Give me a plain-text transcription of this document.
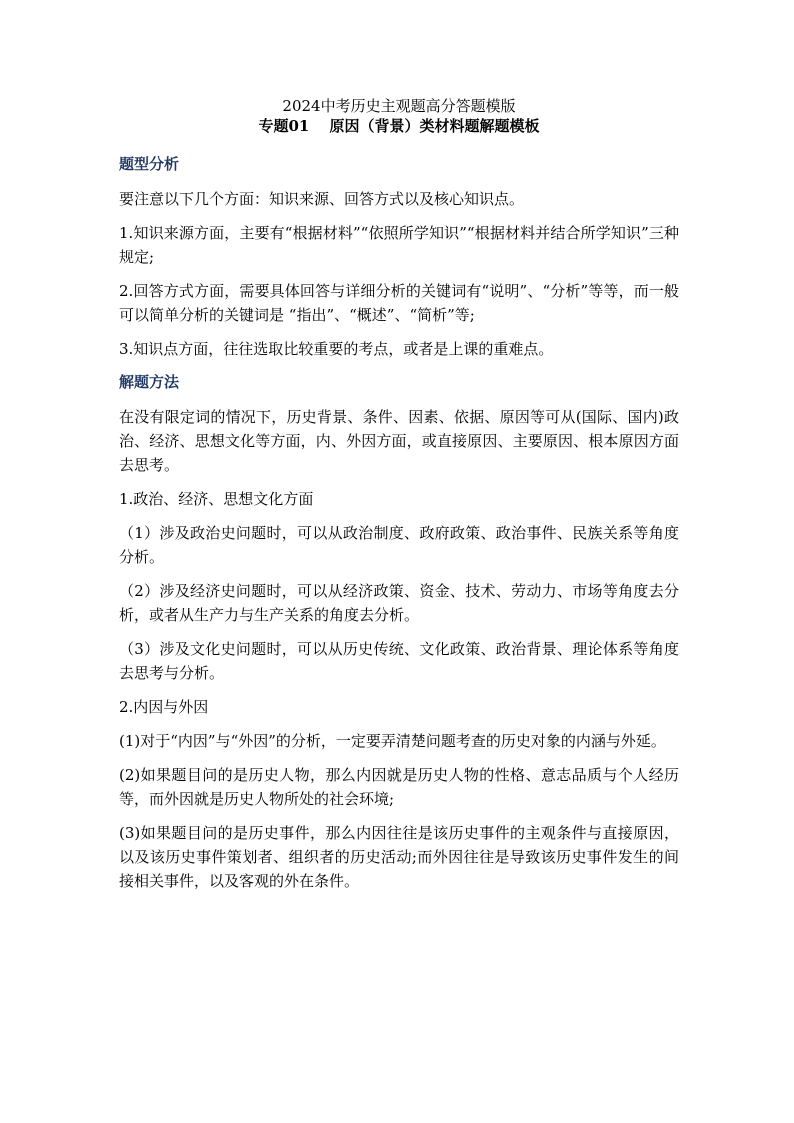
2024中考历史主观题高分答题模版

专题01　 原因（背景）类材料题解题模板

题型分析

要注意以下几个方面：知识来源、回答方式以及核心知识点。

1.知识来源方面，主要有“根据材料”“依照所学知识”“根据材料并结合所学知识”三种规定;

2.回答方式方面，需要具体回答与详细分析的关键词有“说明”、“分析”等等，而一般可以简单分析的关键词是 “指出”、“概述”、“简析”等;

3.知识点方面，往往选取比较重要的考点，或者是上课的重难点。

解题方法

在没有限定词的情况下，历史背景、条件、因素、依据、原因等可从(国际、国内)政治、经济、思想文化等方面，内、外因方面，或直接原因、主要原因、根本原因方面去思考。

1.政治、经济、思想文化方面

（1）涉及政治史问题时，可以从政治制度、政府政策、政治事件、民族关系等角度分析。

（2）涉及经济史问题时，可以从经济政策、资金、技术、劳动力、市场等角度去分析，或者从生产力与生产关系的角度去分析。

（3）涉及文化史问题时，可以从历史传统、文化政策、政治背景、理论体系等角度去思考与分析。

2.内因与外因

(1)对于“内因”与“外因”的分析，一定要弄清楚问题考查的历史对象的内涵与外延。

(2)如果题目问的是历史人物，那么内因就是历史人物的性格、意志品质与个人经历等，而外因就是历史人物所处的社会环境;

(3)如果题目问的是历史事件，那么内因往往是该历史事件的主观条件与直接原因，以及该历史事件策划者、组织者的历史活动;而外因往往是导致该历史事件发生的间接相关事件，以及客观的外在条件。
